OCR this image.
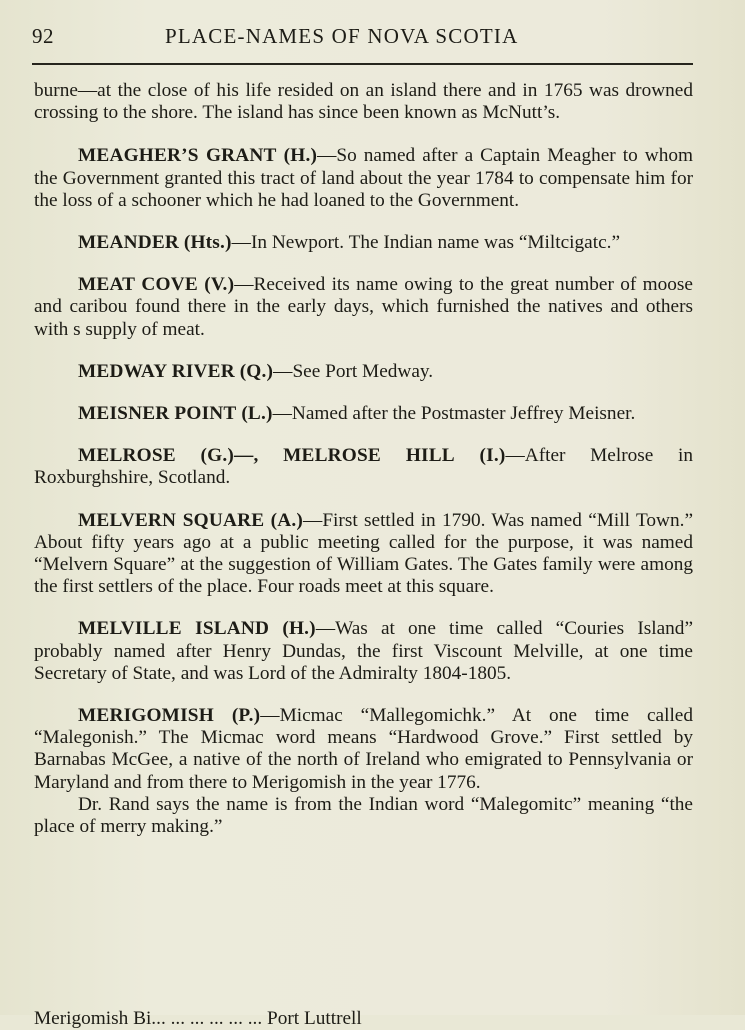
92	PLACE-NAMES OF NOVA SCOTIA

burne—at the close of his life resided on an island there and in 1765 was drowned crossing to the shore. The island has since been known as McNutt’s.

MEAGHER’S GRANT (H.)—So named after a Captain Meagher to whom the Government granted this tract of land about the year 1784 to compensate him for the loss of a schooner which he had loaned to the Government.

MEANDER (Hts.)—In Newport. The Indian name was “Miltcigatc.”

MEAT COVE (V.)—Received its name owing to the great number of moose and caribou found there in the early days, which furnished the natives and others with s supply of meat.

MEDWAY RIVER (Q.)—See Port Medway.

MEISNER POINT (L.)—Named after the Postmaster Jeffrey Meisner.

MELROSE (G.)—, MELROSE HILL (I.)—After Melrose in Roxburghshire, Scotland.

MELVERN SQUARE (A.)—First settled in 1790. Was named “Mill Town.” About fifty years ago at a public meeting called for the purpose, it was named “Melvern Square” at the suggestion of William Gates. The Gates family were among the first settlers of the place. Four roads meet at this square.

MELVILLE ISLAND (H.)—Was at one time called “Couries Island” probably named after Henry Dundas, the first Viscount Melville, at one time Secretary of State, and was Lord of the Admiralty 1804-1805.

MERIGOMISH (P.)—Micmac “Mallegomichk.” At one time called “Malegonish.” The Micmac word means “Hardwood Grove.” First settled by Barnabas McGee, a native of the north of Ireland who emigrated to Pennsylvania or Maryland and from there to Merigomish in the year 1776.

Dr. Rand says the name is from the Indian word “Malegomitc” meaning “the place of merry making.”

Merigomish Bi... ... ... ... ... ... Port Luttrell
